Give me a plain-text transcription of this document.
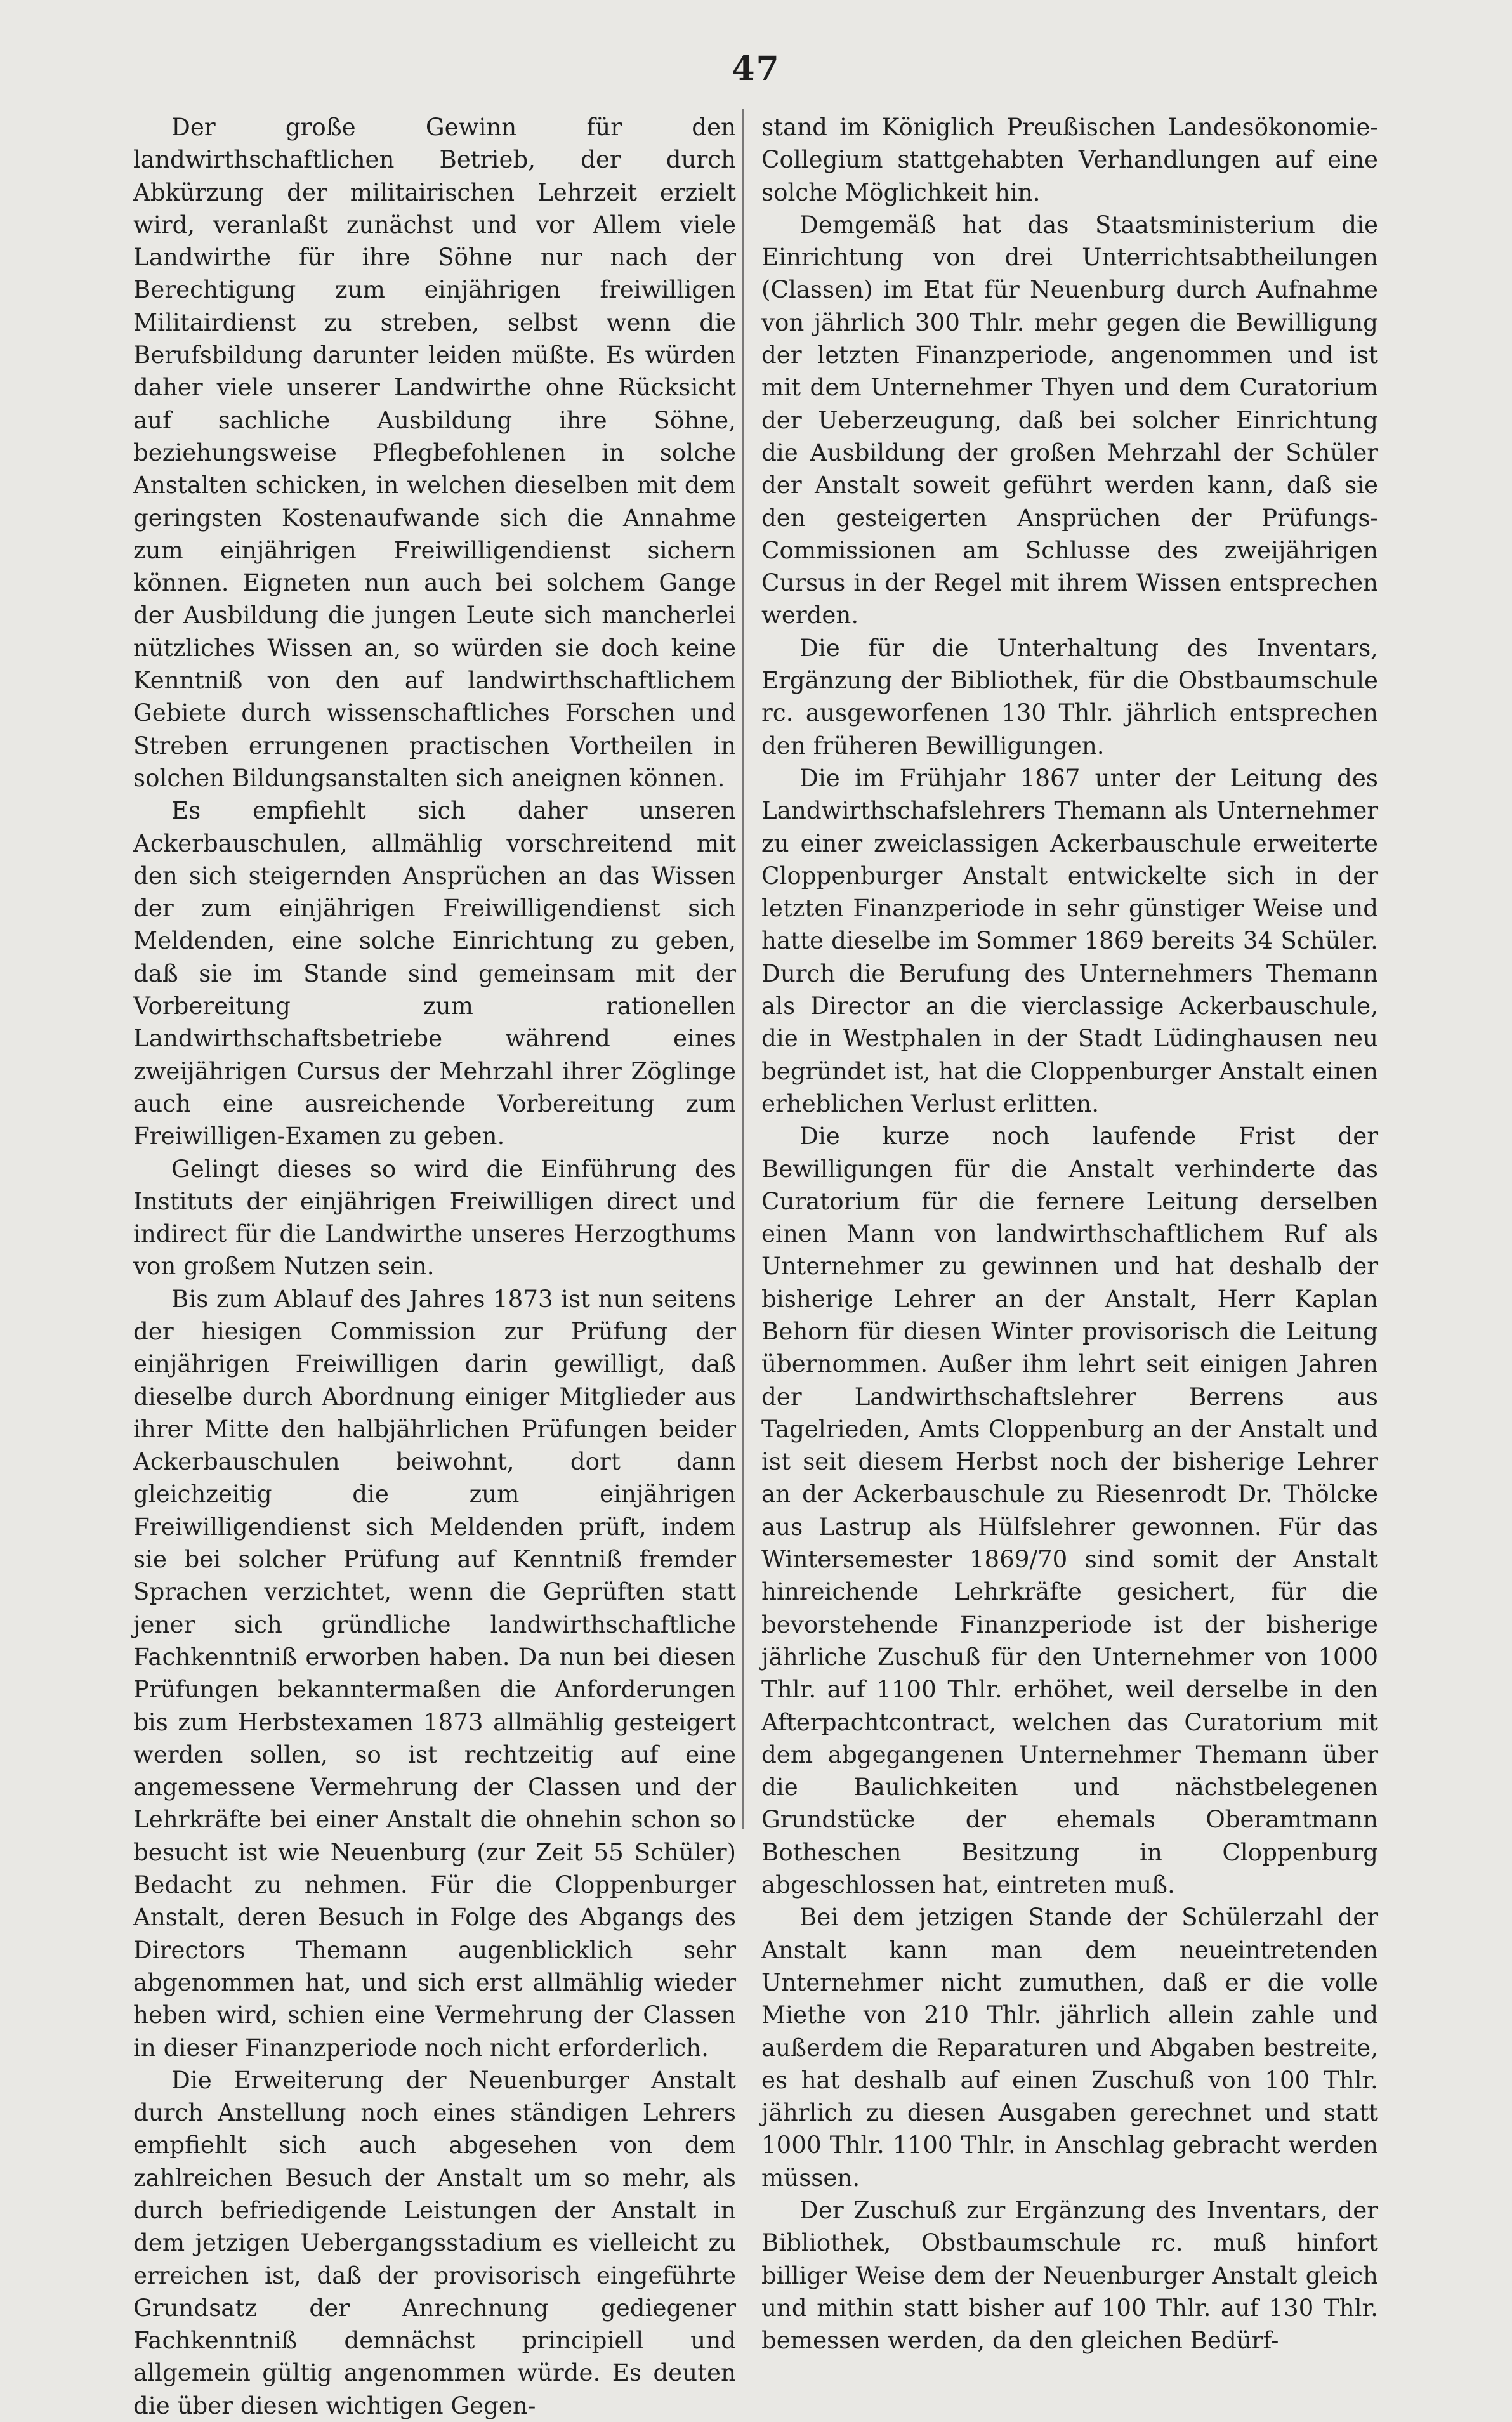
47

Der große Gewinn für den landwirthschaftlichen Betrieb, der durch Abkürzung der militairischen Lehrzeit erzielt wird, veranlaßt zunächst und vor Allem viele Landwirthe für ihre Söhne nur nach der Berechtigung zum einjährigen freiwilligen Militairdienst zu streben, selbst wenn die Berufsbildung darunter leiden müßte. Es würden daher viele unserer Landwirthe ohne Rücksicht auf sachliche Ausbildung ihre Söhne, beziehungsweise Pflegbefohlenen in solche Anstalten schicken, in welchen dieselben mit dem geringsten Kostenaufwande sich die Annahme zum einjährigen Freiwilligendienst sichern können. Eigneten nun auch bei solchem Gange der Ausbildung die jungen Leute sich mancherlei nützliches Wissen an, so würden sie doch keine Kenntniß von den auf landwirthschaftlichem Gebiete durch wissenschaftliches Forschen und Streben errungenen practischen Vortheilen in solchen Bildungsanstalten sich aneignen können.

Es empfiehlt sich daher unseren Ackerbauschulen, allmählig vorschreitend mit den sich steigernden Ansprüchen an das Wissen der zum einjährigen Freiwilligendienst sich Meldenden, eine solche Einrichtung zu geben, daß sie im Stande sind gemeinsam mit der Vorbereitung zum rationellen Landwirthschaftsbetriebe während eines zweijährigen Cursus der Mehrzahl ihrer Zöglinge auch eine ausreichende Vorbereitung zum Freiwilligen-Examen zu geben.

Gelingt dieses so wird die Einführung des Instituts der einjährigen Freiwilligen direct und indirect für die Landwirthe unseres Herzogthums von großem Nutzen sein.

Bis zum Ablauf des Jahres 1873 ist nun seitens der hiesigen Commission zur Prüfung der einjährigen Freiwilligen darin gewilligt, daß dieselbe durch Abordnung einiger Mitglieder aus ihrer Mitte den halbjährlichen Prüfungen beider Ackerbauschulen beiwohnt, dort dann gleichzeitig die zum einjährigen Freiwilligendienst sich Meldenden prüft, indem sie bei solcher Prüfung auf Kenntniß fremder Sprachen verzichtet, wenn die Geprüften statt jener sich gründliche landwirthschaftliche Fachkenntniß erworben haben. Da nun bei diesen Prüfungen bekanntermaßen die Anforderungen bis zum Herbstexamen 1873 allmählig gesteigert werden sollen, so ist rechtzeitig auf eine angemessene Vermehrung der Classen und der Lehrkräfte bei einer Anstalt die ohnehin schon so besucht ist wie Neuenburg (zur Zeit 55 Schüler) Bedacht zu nehmen. Für die Cloppenburger Anstalt, deren Besuch in Folge des Abgangs des Directors Themann augenblicklich sehr abgenommen hat, und sich erst allmählig wieder heben wird, schien eine Vermehrung der Classen in dieser Finanzperiode noch nicht erforderlich.

Die Erweiterung der Neuenburger Anstalt durch Anstellung noch eines ständigen Lehrers empfiehlt sich auch abgesehen von dem zahlreichen Besuch der Anstalt um so mehr, als durch befriedigende Leistungen der Anstalt in dem jetzigen Uebergangsstadium es vielleicht zu erreichen ist, daß der provisorisch eingeführte Grundsatz der Anrechnung gediegener Fachkenntniß demnächst principiell und allgemein gültig angenommen würde. Es deuten die über diesen wichtigen Gegen-

stand im Königlich Preußischen Landesökonomie-Collegium stattgehabten Verhandlungen auf eine solche Möglichkeit hin.

Demgemäß hat das Staatsministerium die Einrichtung von drei Unterrichtsabtheilungen (Classen) im Etat für Neuenburg durch Aufnahme von jährlich 300 Thlr. mehr gegen die Bewilligung der letzten Finanzperiode, angenommen und ist mit dem Unternehmer Thyen und dem Curatorium der Ueberzeugung, daß bei solcher Einrichtung die Ausbildung der großen Mehrzahl der Schüler der Anstalt soweit geführt werden kann, daß sie den gesteigerten Ansprüchen der Prüfungs-Commissionen am Schlusse des zweijährigen Cursus in der Regel mit ihrem Wissen entsprechen werden.

Die für die Unterhaltung des Inventars, Ergänzung der Bibliothek, für die Obstbaumschule rc. ausgeworfenen 130 Thlr. jährlich entsprechen den früheren Bewilligungen.

Die im Frühjahr 1867 unter der Leitung des Landwirthschafslehrers Themann als Unternehmer zu einer zweiclassigen Ackerbauschule erweiterte Cloppenburger Anstalt entwickelte sich in der letzten Finanzperiode in sehr günstiger Weise und hatte dieselbe im Sommer 1869 bereits 34 Schüler. Durch die Berufung des Unternehmers Themann als Director an die vierclassige Ackerbauschule, die in Westphalen in der Stadt Lüdinghausen neu begründet ist, hat die Cloppenburger Anstalt einen erheblichen Verlust erlitten.

Die kurze noch laufende Frist der Bewilligungen für die Anstalt verhinderte das Curatorium für die fernere Leitung derselben einen Mann von landwirthschaftlichem Ruf als Unternehmer zu gewinnen und hat deshalb der bisherige Lehrer an der Anstalt, Herr Kaplan Behorn für diesen Winter provisorisch die Leitung übernommen. Außer ihm lehrt seit einigen Jahren der Landwirthschaftslehrer Berrens aus Tagelrieden, Amts Cloppenburg an der Anstalt und ist seit diesem Herbst noch der bisherige Lehrer an der Ackerbauschule zu Riesenrodt Dr. Thölcke aus Lastrup als Hülfslehrer gewonnen. Für das Wintersemester 1869/70 sind somit der Anstalt hinreichende Lehrkräfte gesichert, für die bevorstehende Finanzperiode ist der bisherige jährliche Zuschuß für den Unternehmer von 1000 Thlr. auf 1100 Thlr. erhöhet, weil derselbe in den Afterpachtcontract, welchen das Curatorium mit dem abgegangenen Unternehmer Themann über die Baulichkeiten und nächstbelegenen Grundstücke der ehemals Oberamtmann Botheschen Besitzung in Cloppenburg abgeschlossen hat, eintreten muß.

Bei dem jetzigen Stande der Schülerzahl der Anstalt kann man dem neueintretenden Unternehmer nicht zumuthen, daß er die volle Miethe von 210 Thlr. jährlich allein zahle und außerdem die Reparaturen und Abgaben bestreite, es hat deshalb auf einen Zuschuß von 100 Thlr. jährlich zu diesen Ausgaben gerechnet und statt 1000 Thlr. 1100 Thlr. in Anschlag gebracht werden müssen.

Der Zuschuß zur Ergänzung des Inventars, der Bibliothek, Obstbaumschule rc. muß hinfort billiger Weise dem der Neuenburger Anstalt gleich und mithin statt bisher auf 100 Thlr. auf 130 Thlr. bemessen werden, da den gleichen Bedürf-
